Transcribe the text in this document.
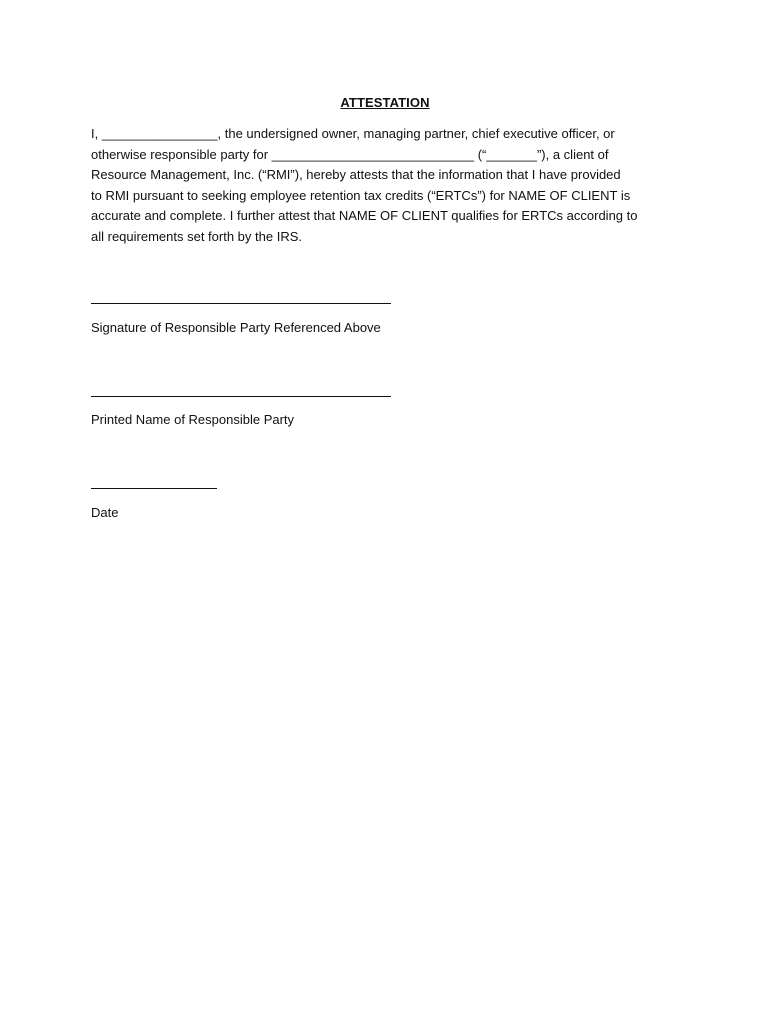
ATTESTATION
I, ________________, the undersigned owner, managing partner, chief executive officer, or
otherwise responsible party for ____________________________ (“_______”), a client of
Resource Management, Inc. (“RMI”), hereby attests that the information that I have provided
to RMI pursuant to seeking employee retention tax credits (“ERTCs”) for NAME OF CLIENT is
accurate and complete. I further attest that NAME OF CLIENT qualifies for ERTCs according to
all requirements set forth by the IRS.
Signature of Responsible Party Referenced Above
Printed Name of Responsible Party
Date
